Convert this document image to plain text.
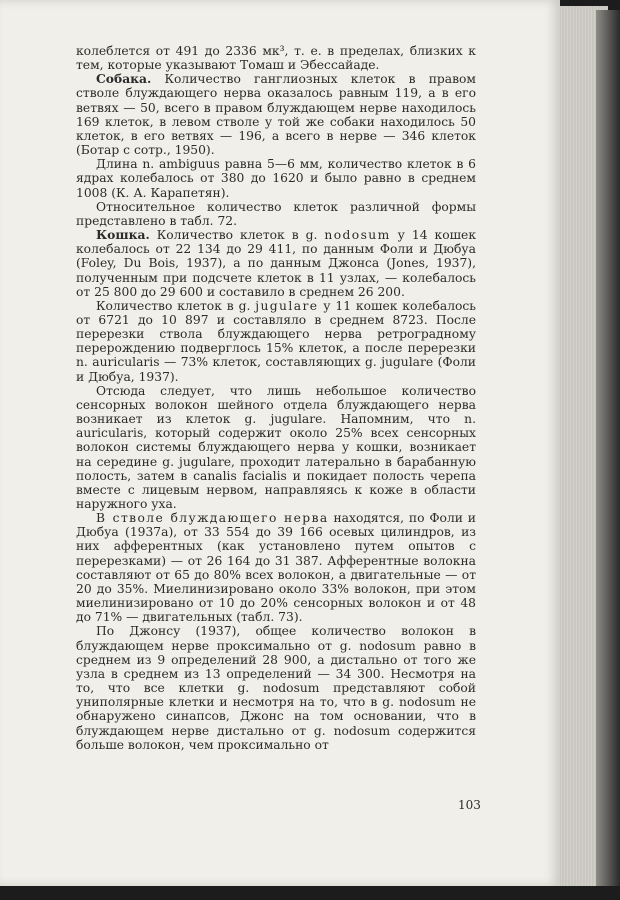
колеблется от 491 до 2336 мк³, т. е. в пределах, близких к тем, которые указывают Томаш и Эбессайаде.

Собака. Количество ганглиозных клеток в правом стволе блуждающего нерва оказалось равным 119, а в его ветвях — 50, всего в правом блуждающем нерве находилось 169 клеток, в левом стволе у той же собаки находилось 50 клеток, в его ветвях — 196, а всего в нерве — 346 клеток (Ботар с сотр., 1950).

Длина n. ambiguus равна 5—6 мм, количество клеток в 6 ядрах колебалось от 380 до 1620 и было равно в среднем 1008 (К. А. Карапетян).

Относительное количество клеток различной формы представлено в табл. 72.

Кошка. Количество клеток в g. nodosum у 14 кошек колебалось от 22 134 до 29 411, по данным Фоли и Дюбуа (Foley, Du Bois, 1937), а по данным Джонса (Jones, 1937), полученным при подсчете клеток в 11 узлах, — колебалось от 25 800 до 29 600 и составило в среднем 26 200.

Количество клеток в g. jugulare у 11 кошек колебалось от 6721 до 10 897 и составляло в среднем 8723. После перерезки ствола блуждающего нерва ретроградному перерождению подверглось 15% клеток, а после перерезки n. auricularis — 73% клеток, составляющих g. jugulare (Фоли и Дюбуа, 1937).

Отсюда следует, что лишь небольшое количество сенсорных волокон шейного отдела блуждающего нерва возникает из клеток g. jugulare. Напомним, что n. auricularis, который содержит около 25% всех сенсорных волокон системы блуждающего нерва у кошки, возникает на середине g. jugulare, проходит латерально в барабанную полость, затем в canalis facialis и покидает полость черепа вместе с лицевым нервом, направляясь к коже в области наружного уха.

В стволе блуждающего нерва находятся, по Фоли и Дюбуа (1937а), от 33 554 до 39 166 осевых цилиндров, из них афферентных (как установлено путем опытов с перерезками) — от 26 164 до 31 387. Афферентные волокна составляют от 65 до 80% всех волокон, а двигательные — от 20 до 35%. Миелинизировано около 33% волокон, при этом миелинизировано от 10 до 20% сенсорных волокон и от 48 до 71% — двигательных (табл. 73).

По Джонсу (1937), общее количество волокон в блуждающем нерве проксимально от g. nodosum равно в среднем из 9 определений 28 900, а дистально от того же узла в среднем из 13 определений — 34 300. Несмотря на то, что все клетки g. nodosum представляют собой униполярные клетки и несмотря на то, что в g. nodosum не обнаружено синапсов, Джонс на том основании, что в блуждающем нерве дистально от g. nodosum содержится больше волокон, чем проксимально от

103
